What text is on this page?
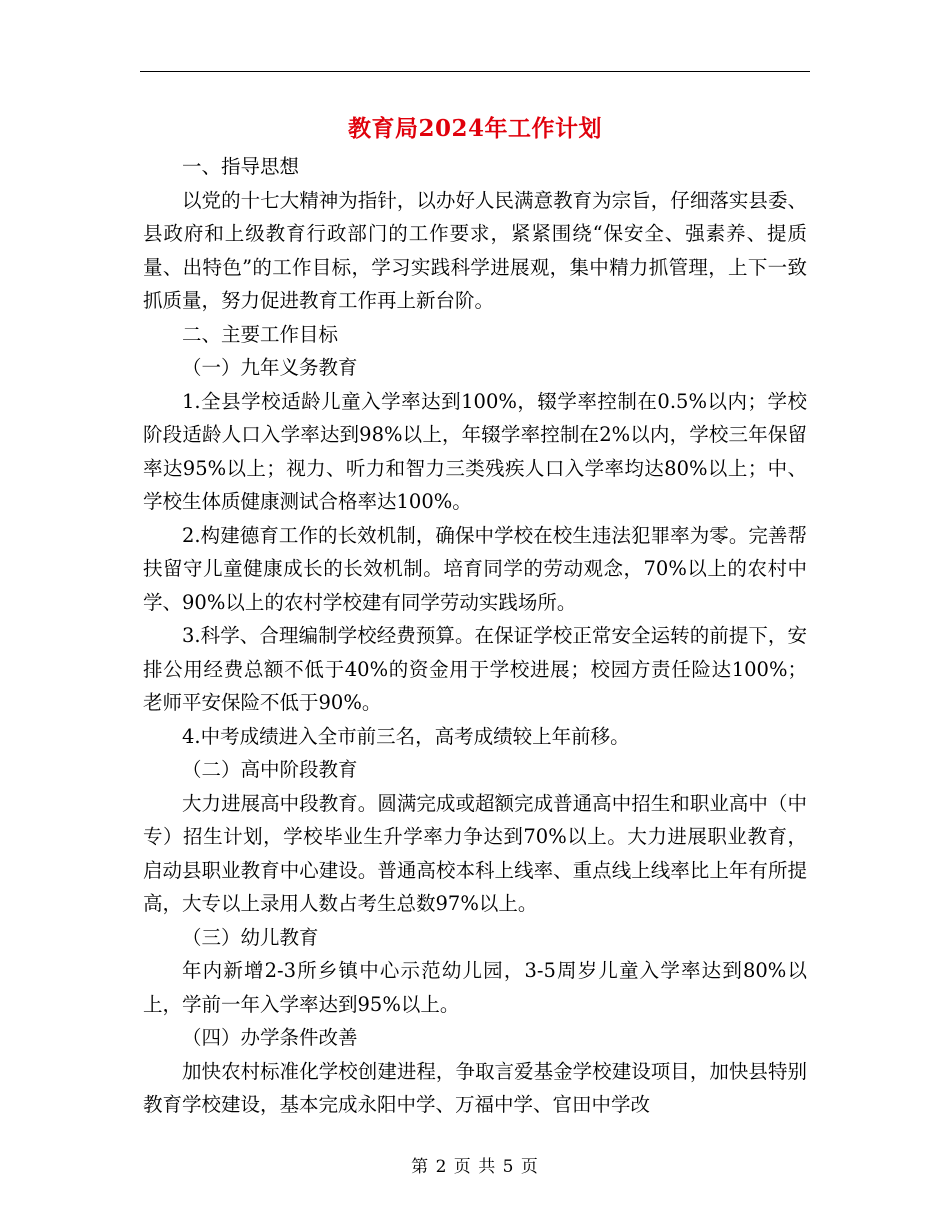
教育局2024年工作计划

一、指导思想

以党的十七大精神为指针，以办好人民满意教育为宗旨，仔细落实县委、县政府和上级教育行政部门的工作要求，紧紧围绕“保安全、强素养、提质量、出特色”的工作目标，学习实践科学进展观，集中精力抓管理，上下一致抓质量，努力促进教育工作再上新台阶。

二、主要工作目标

（一）九年义务教育

1.全县学校适龄儿童入学率达到100%，辍学率控制在0.5%以内；学校阶段适龄人口入学率达到98%以上，年辍学率控制在2%以内，学校三年保留率达95%以上；视力、听力和智力三类残疾人口入学率均达80%以上；中、学校生体质健康测试合格率达100%。

2.构建德育工作的长效机制，确保中学校在校生违法犯罪率为零。完善帮扶留守儿童健康成长的长效机制。培育同学的劳动观念，70%以上的农村中学、90%以上的农村学校建有同学劳动实践场所。

3.科学、合理编制学校经费预算。在保证学校正常安全运转的前提下，安排公用经费总额不低于40%的资金用于学校进展；校园方责任险达100%；老师平安保险不低于90%。

4.中考成绩进入全市前三名，高考成绩较上年前移。

（二）高中阶段教育

大力进展高中段教育。圆满完成或超额完成普通高中招生和职业高中（中专）招生计划，学校毕业生升学率力争达到70%以上。大力进展职业教育，启动县职业教育中心建设。普通高校本科上线率、重点线上线率比上年有所提高，大专以上录用人数占考生总数97%以上。

（三）幼儿教育

年内新增2-3所乡镇中心示范幼儿园，3-5周岁儿童入学率达到80%以上，学前一年入学率达到95%以上。

（四）办学条件改善

加快农村标准化学校创建进程，争取言爱基金学校建设项目，加快县特别教育学校建设，基本完成永阳中学、万福中学、官田中学改

第 2 页 共 5 页
